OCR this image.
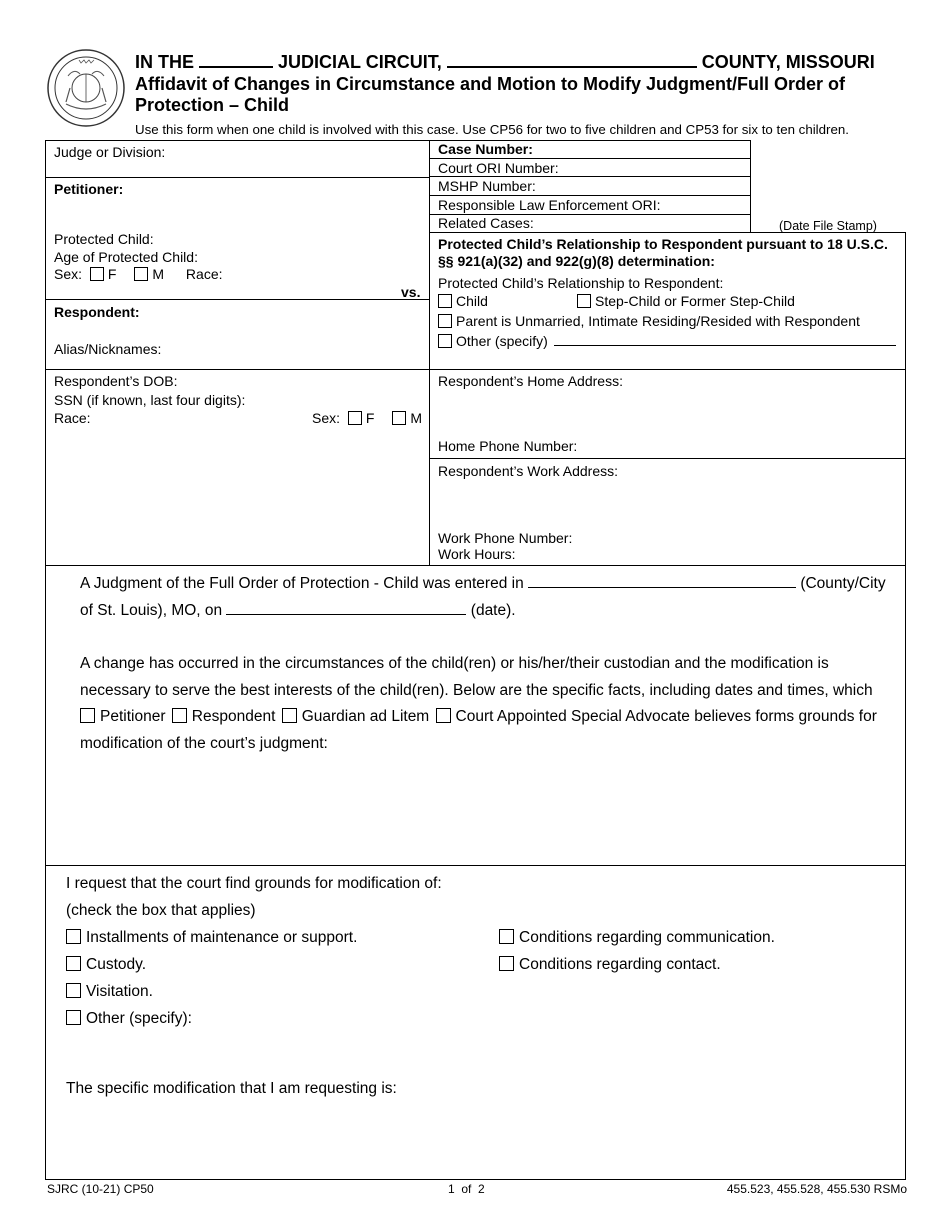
IN THE	JUDICIAL CIRCUIT,	COUNTY, MISSOURI
Affidavit of Changes in Circumstance and Motion to Modify Judgment/Full Order of Protection – Child
Use this form when one child is involved with this case. Use CP56 for two to five children and CP53 for six to ten children.
Judge or Division:
Petitioner:
Protected Child:
Age of Protected Child:
Sex: F	M Race:
vs.
Respondent:
Alias/Nicknames:
Case Number:
Court ORI Number:
MSHP Number:
Responsible Law Enforcement ORI:
Related Cases:	(Date File Stamp)
Protected Child’s Relationship to Respondent pursuant to 18 U.S.C. §§ 921(a)(32) and 922(g)(8) determination:
Protected Child’s Relationship to Respondent:
Child	Step-Child or Former Step-Child
Parent is Unmarried, Intimate Residing/Resided with Respondent
Other (specify)
Respondent’s DOB:
SSN (if known, last four digits):
Race:	Sex: F	M
Respondent’s Home Address:
Home Phone Number:
Respondent’s Work Address:
Work Phone Number:
Work Hours:
A Judgment of the Full Order of Protection - Child was entered in	(County/City
of St. Louis), MO, on	(date).
A change has occurred in the circumstances of the child(ren) or his/her/their custodian and the modification is
necessary to serve the best interests of the child(ren). Below are the specific facts, including dates and times, which
Petitioner Respondent Guardian ad Litem Court Appointed Special Advocate believes forms grounds for
modification of the court’s judgment:
I request that the court find grounds for modification of:
(check the box that applies)
Installments of maintenance or support.
Custody.
Visitation.
Other (specify):
Conditions regarding communication.
Conditions regarding contact.
The specific modification that I am requesting is:
SJRC (10-21) CP50	1  of  2	455.523, 455.528, 455.530 RSMo
